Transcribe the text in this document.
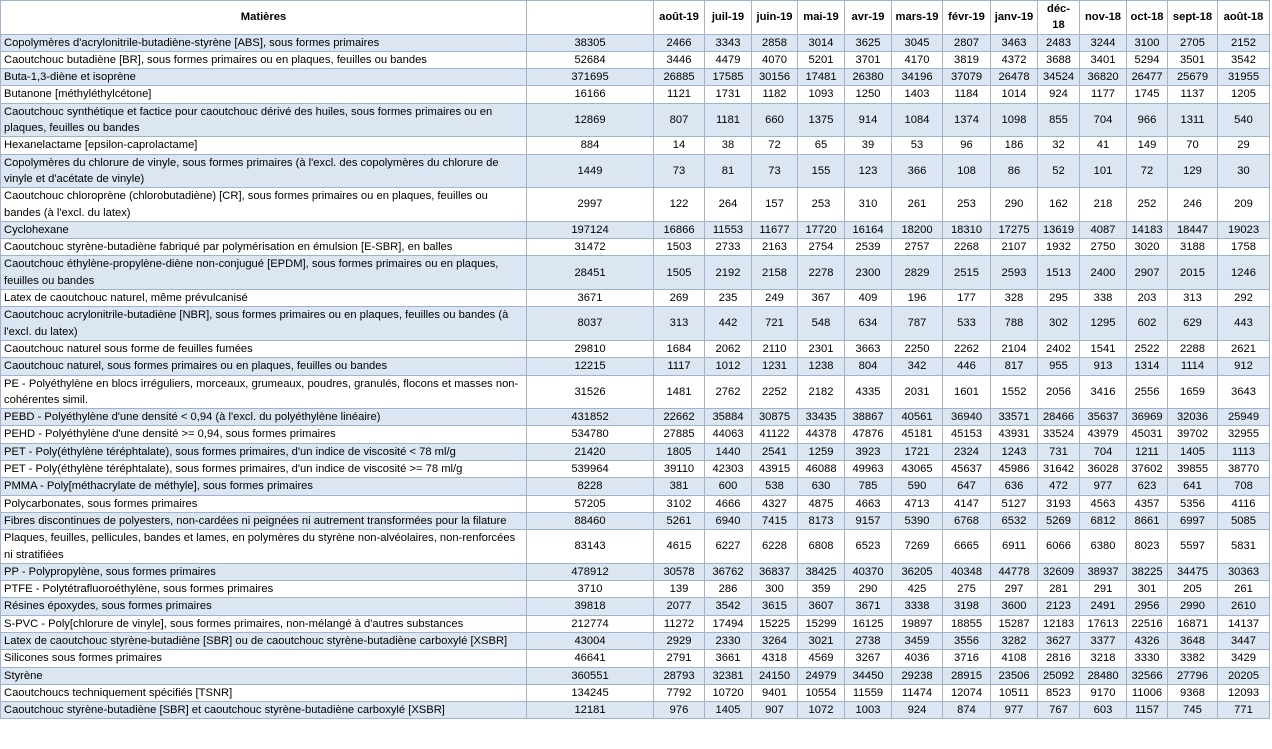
Matières		août-19	juil-19	juin-19	mai-19	avr-19	mars-19	févr-19	janv-19	déc-18	nov-18	oct-18	sept-18	août-18
Copolymères d'acrylonitrile-butadiène-styrène [ABS], sous formes primaires	38305	2466	3343	2858	3014	3625	3045	2807	3463	2483	3244	3100	2705	2152
Caoutchouc butadiène [BR], sous formes primaires ou en plaques, feuilles ou bandes	52684	3446	4479	4070	5201	3701	4170	3819	4372	3688	3401	5294	3501	3542
Buta-1,3-diène et isoprène	371695	26885	17585	30156	17481	26380	34196	37079	26478	34524	36820	26477	25679	31955
Butanone [méthyléthylcétone]	16166	1121	1731	1182	1093	1250	1403	1184	1014	924	1177	1745	1137	1205
Caoutchouc synthétique et factice pour caoutchouc dérivé des huiles, sous formes primaires ou en plaques, feuilles ou bandes	12869	807	1181	660	1375	914	1084	1374	1098	855	704	966	1311	540
Hexanelactame [epsilon-caprolactame]	884	14	38	72	65	39	53	96	186	32	41	149	70	29
Copolymères du chlorure de vinyle, sous formes primaires (à l'excl. des copolymères du chlorure de vinyle et d'acétate de vinyle)	1449	73	81	73	155	123	366	108	86	52	101	72	129	30
Caoutchouc chloroprène (chlorobutadiène) [CR], sous formes primaires ou en plaques, feuilles ou bandes (à l'excl. du latex)	2997	122	264	157	253	310	261	253	290	162	218	252	246	209
Cyclohexane	197124	16866	11553	11677	17720	16164	18200	18310	17275	13619	4087	14183	18447	19023
Caoutchouc styrène-butadiène fabriqué par polymérisation en émulsion [E-SBR], en balles	31472	1503	2733	2163	2754	2539	2757	2268	2107	1932	2750	3020	3188	1758
Caoutchouc éthylène-propylène-diène non-conjugué [EPDM], sous formes primaires ou en plaques, feuilles ou bandes	28451	1505	2192	2158	2278	2300	2829	2515	2593	1513	2400	2907	2015	1246
Latex de caoutchouc naturel, même prévulcanisé	3671	269	235	249	367	409	196	177	328	295	338	203	313	292
Caoutchouc acrylonitrile-butadiène [NBR], sous formes primaires ou en plaques, feuilles ou bandes (à l'excl. du latex)	8037	313	442	721	548	634	787	533	788	302	1295	602	629	443
Caoutchouc naturel sous forme de feuilles fumées	29810	1684	2062	2110	2301	3663	2250	2262	2104	2402	1541	2522	2288	2621
Caoutchouc naturel, sous formes primaires ou en plaques, feuilles ou bandes	12215	1117	1012	1231	1238	804	342	446	817	955	913	1314	1114	912
PE - Polyéthylène en blocs irréguliers, morceaux, grumeaux, poudres, granulés, flocons et masses non-cohérentes simil.	31526	1481	2762	2252	2182	4335	2031	1601	1552	2056	3416	2556	1659	3643
PEBD - Polyéthylène d'une densité < 0,94 (à l'excl. du polyéthylène linéaire)	431852	22662	35884	30875	33435	38867	40561	36940	33571	28466	35637	36969	32036	25949
PEHD - Polyéthylène d'une densité >= 0,94, sous formes primaires	534780	27885	44063	41122	44378	47876	45181	45153	43931	33524	43979	45031	39702	32955
PET - Poly(éthylène téréphtalate), sous formes primaires, d'un indice de viscosité < 78 ml/g	21420	1805	1440	2541	1259	3923	1721	2324	1243	731	704	1211	1405	1113
PET - Poly(éthylène téréphtalate), sous formes primaires, d'un indice de viscosité >= 78 ml/g	539964	39110	42303	43915	46088	49963	43065	45637	45986	31642	36028	37602	39855	38770
PMMA - Poly[méthacrylate de méthyle], sous formes primaires	8228	381	600	538	630	785	590	647	636	472	977	623	641	708
Polycarbonates, sous formes primaires	57205	3102	4666	4327	4875	4663	4713	4147	5127	3193	4563	4357	5356	4116
Fibres discontinues de polyesters, non-cardées ni peignées ni autrement transformées pour la filature	88460	5261	6940	7415	8173	9157	5390	6768	6532	5269	6812	8661	6997	5085
Plaques, feuilles, pellicules, bandes et lames, en polymères du styrène non-alvéolaires, non-renforcées ni stratifiées	83143	4615	6227	6228	6808	6523	7269	6665	6911	6066	6380	8023	5597	5831
PP - Polypropylène, sous formes primaires	478912	30578	36762	36837	38425	40370	36205	40348	44778	32609	38937	38225	34475	30363
PTFE - Polytétrafluoroéthylène, sous formes primaires	3710	139	286	300	359	290	425	275	297	281	291	301	205	261
Résines époxydes, sous formes primaires	39818	2077	3542	3615	3607	3671	3338	3198	3600	2123	2491	2956	2990	2610
S-PVC - Poly[chlorure de vinyle], sous formes primaires, non-mélangé à d'autres substances	212774	11272	17494	15225	15299	16125	19897	18855	15287	12183	17613	22516	16871	14137
Latex de caoutchouc styrène-butadiène [SBR] ou de caoutchouc styrène-butadiène carboxylé [XSBR]	43004	2929	2330	3264	3021	2738	3459	3556	3282	3627	3377	4326	3648	3447
Silicones sous formes primaires	46641	2791	3661	4318	4569	3267	4036	3716	4108	2816	3218	3330	3382	3429
Styrène	360551	28793	32381	24150	24979	34450	29238	28915	23506	25092	28480	32566	27796	20205
Caoutchoucs techniquement spécifiés [TSNR]	134245	7792	10720	9401	10554	11559	11474	12074	10511	8523	9170	11006	9368	12093
Caoutchouc styrène-butadiène [SBR] et caoutchouc styrène-butadiène carboxylé [XSBR]	12181	976	1405	907	1072	1003	924	874	977	767	603	1157	745	771
